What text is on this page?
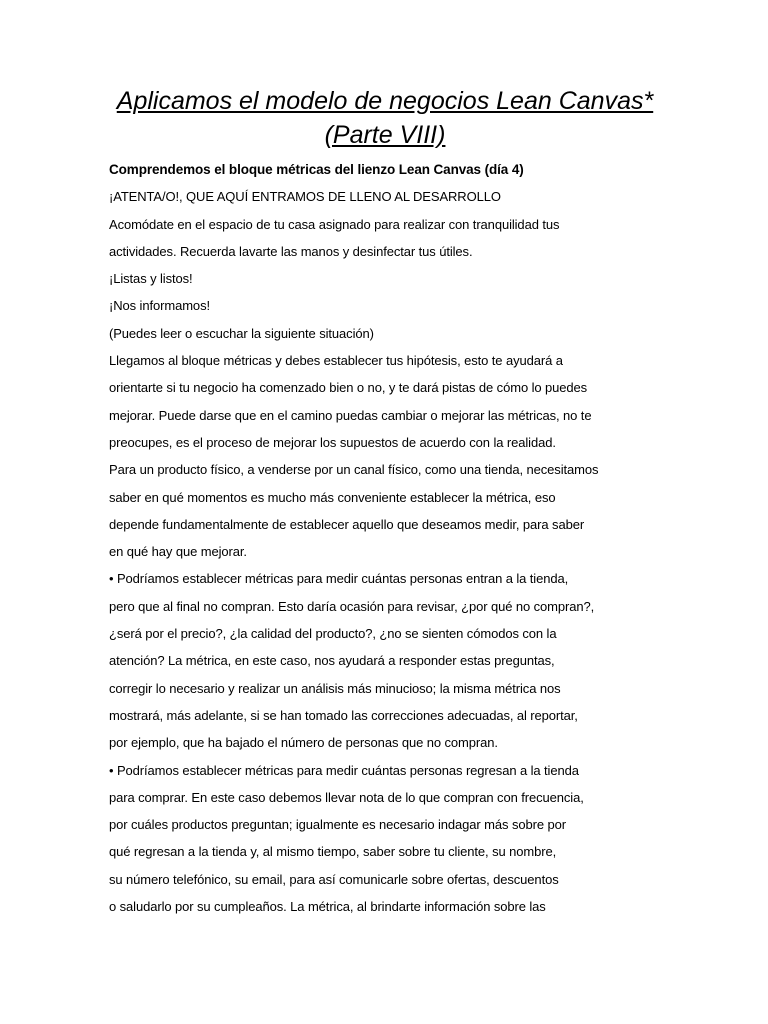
Aplicamos el modelo de negocios Lean Canvas*
(Parte VIII)
Comprendemos el bloque métricas del lienzo Lean Canvas (día 4)
¡ATENTA/O!, QUE AQUÍ ENTRAMOS DE LLENO AL DESARROLLO
Acomódate en el espacio de tu casa asignado para realizar con tranquilidad tus
actividades. Recuerda lavarte las manos y desinfectar tus útiles.
¡Listas y listos!
¡Nos informamos!
(Puedes leer o escuchar la siguiente situación)
Llegamos al bloque métricas y debes establecer tus hipótesis, esto te ayudará a
orientarte si tu negocio ha comenzado bien o no, y te dará pistas de cómo lo puedes
mejorar. Puede darse que en el camino puedas cambiar o mejorar las métricas, no te
preocupes, es el proceso de mejorar los supuestos de acuerdo con la realidad.
Para un producto físico, a venderse por un canal físico, como una tienda, necesitamos
saber en qué momentos es mucho más conveniente establecer la métrica, eso
depende fundamentalmente de establecer aquello que deseamos medir, para saber
en qué hay que mejorar.
• Podríamos establecer métricas para medir cuántas personas entran a la tienda,
pero que al final no compran. Esto daría ocasión para revisar, ¿por qué no compran?,
¿será por el precio?, ¿la calidad del producto?, ¿no se sienten cómodos con la
atención? La métrica, en este caso, nos ayudará a responder estas preguntas,
corregir lo necesario y realizar un análisis más minucioso; la misma métrica nos
mostrará, más adelante, si se han tomado las correcciones adecuadas, al reportar,
por ejemplo, que ha bajado el número de personas que no compran.
• Podríamos establecer métricas para medir cuántas personas regresan a la tienda
para comprar. En este caso debemos llevar nota de lo que compran con frecuencia,
por cuáles productos preguntan; igualmente es necesario indagar más sobre por
qué regresan a la tienda y, al mismo tiempo, saber sobre tu cliente, su nombre,
su número telefónico, su email, para así comunicarle sobre ofertas, descuentos
o saludarlo por su cumpleaños. La métrica, al brindarte información sobre las
